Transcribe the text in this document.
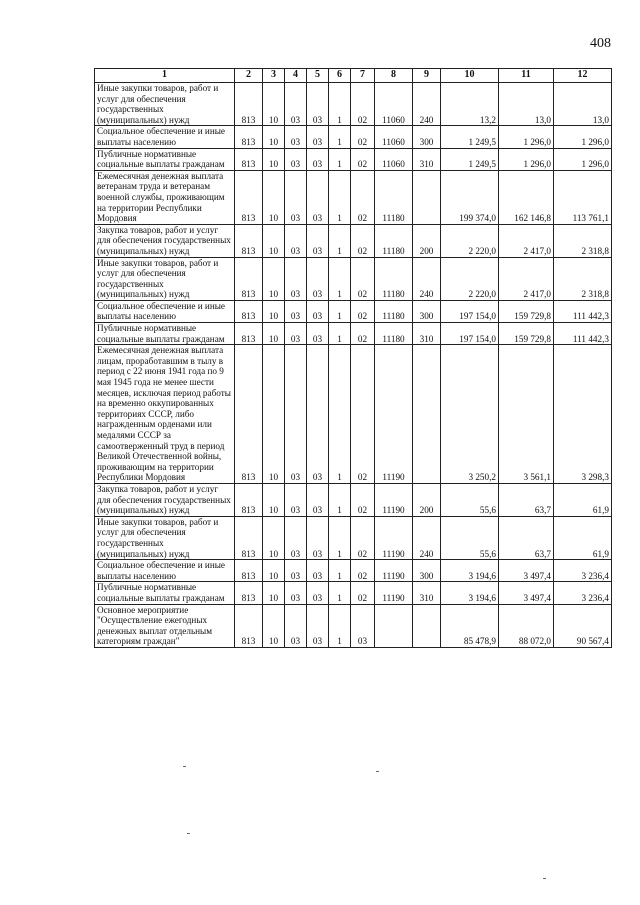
408
1	2	3	4	5	6	7	8	9	10	11	12
Иные закупки товаров, работ и услуг для обеспечения государственных (муниципальных) нужд	813	10	03	03	1	02	11060	240	13,2	13,0	13,0
Социальное обеспечение и иные выплаты населению	813	10	03	03	1	02	11060	300	1 249,5	1 296,0	1 296,0
Публичные нормативные социальные выплаты гражданам	813	10	03	03	1	02	11060	310	1 249,5	1 296,0	1 296,0
Ежемесячная денежная выплата ветеранам труда и ветеранам военной службы, проживающим на территории Республики Мордовия	813	10	03	03	1	02	11180		199 374,0	162 146,8	113 761,1
Закупка товаров, работ и услуг для обеспечения государственных (муниципальных) нужд	813	10	03	03	1	02	11180	200	2 220,0	2 417,0	2 318,8
Иные закупки товаров, работ и услуг для обеспечения государственных (муниципальных) нужд	813	10	03	03	1	02	11180	240	2 220,0	2 417,0	2 318,8
Социальное обеспечение и иные выплаты населению	813	10	03	03	1	02	11180	300	197 154,0	159 729,8	111 442,3
Публичные нормативные социальные выплаты гражданам	813	10	03	03	1	02	11180	310	197 154,0	159 729,8	111 442,3
Ежемесячная денежная выплата лицам, проработавшим в тылу в период с 22 июня 1941 года по 9 мая 1945 года не менее шести месяцев, исключая период работы на временно оккупированных территориях СССР, либо награжденным орденами или медалями СССР за самоотверженный труд в период Великой Отечественной войны, проживающим на территории Республики Мордовия	813	10	03	03	1	02	11190		3 250,2	3 561,1	3 298,3
Закупка товаров, работ и услуг для обеспечения государственных (муниципальных) нужд	813	10	03	03	1	02	11190	200	55,6	63,7	61,9
Иные закупки товаров, работ и услуг для обеспечения государственных (муниципальных) нужд	813	10	03	03	1	02	11190	240	55,6	63,7	61,9
Социальное обеспечение и иные выплаты населению	813	10	03	03	1	02	11190	300	3 194,6	3 497,4	3 236,4
Публичные нормативные социальные выплаты гражданам	813	10	03	03	1	02	11190	310	3 194,6	3 497,4	3 236,4
Основное мероприятие "Осуществление ежегодных денежных выплат отдельным категориям граждан"	813	10	03	03	1	03			85 478,9	88 072,0	90 567,4
